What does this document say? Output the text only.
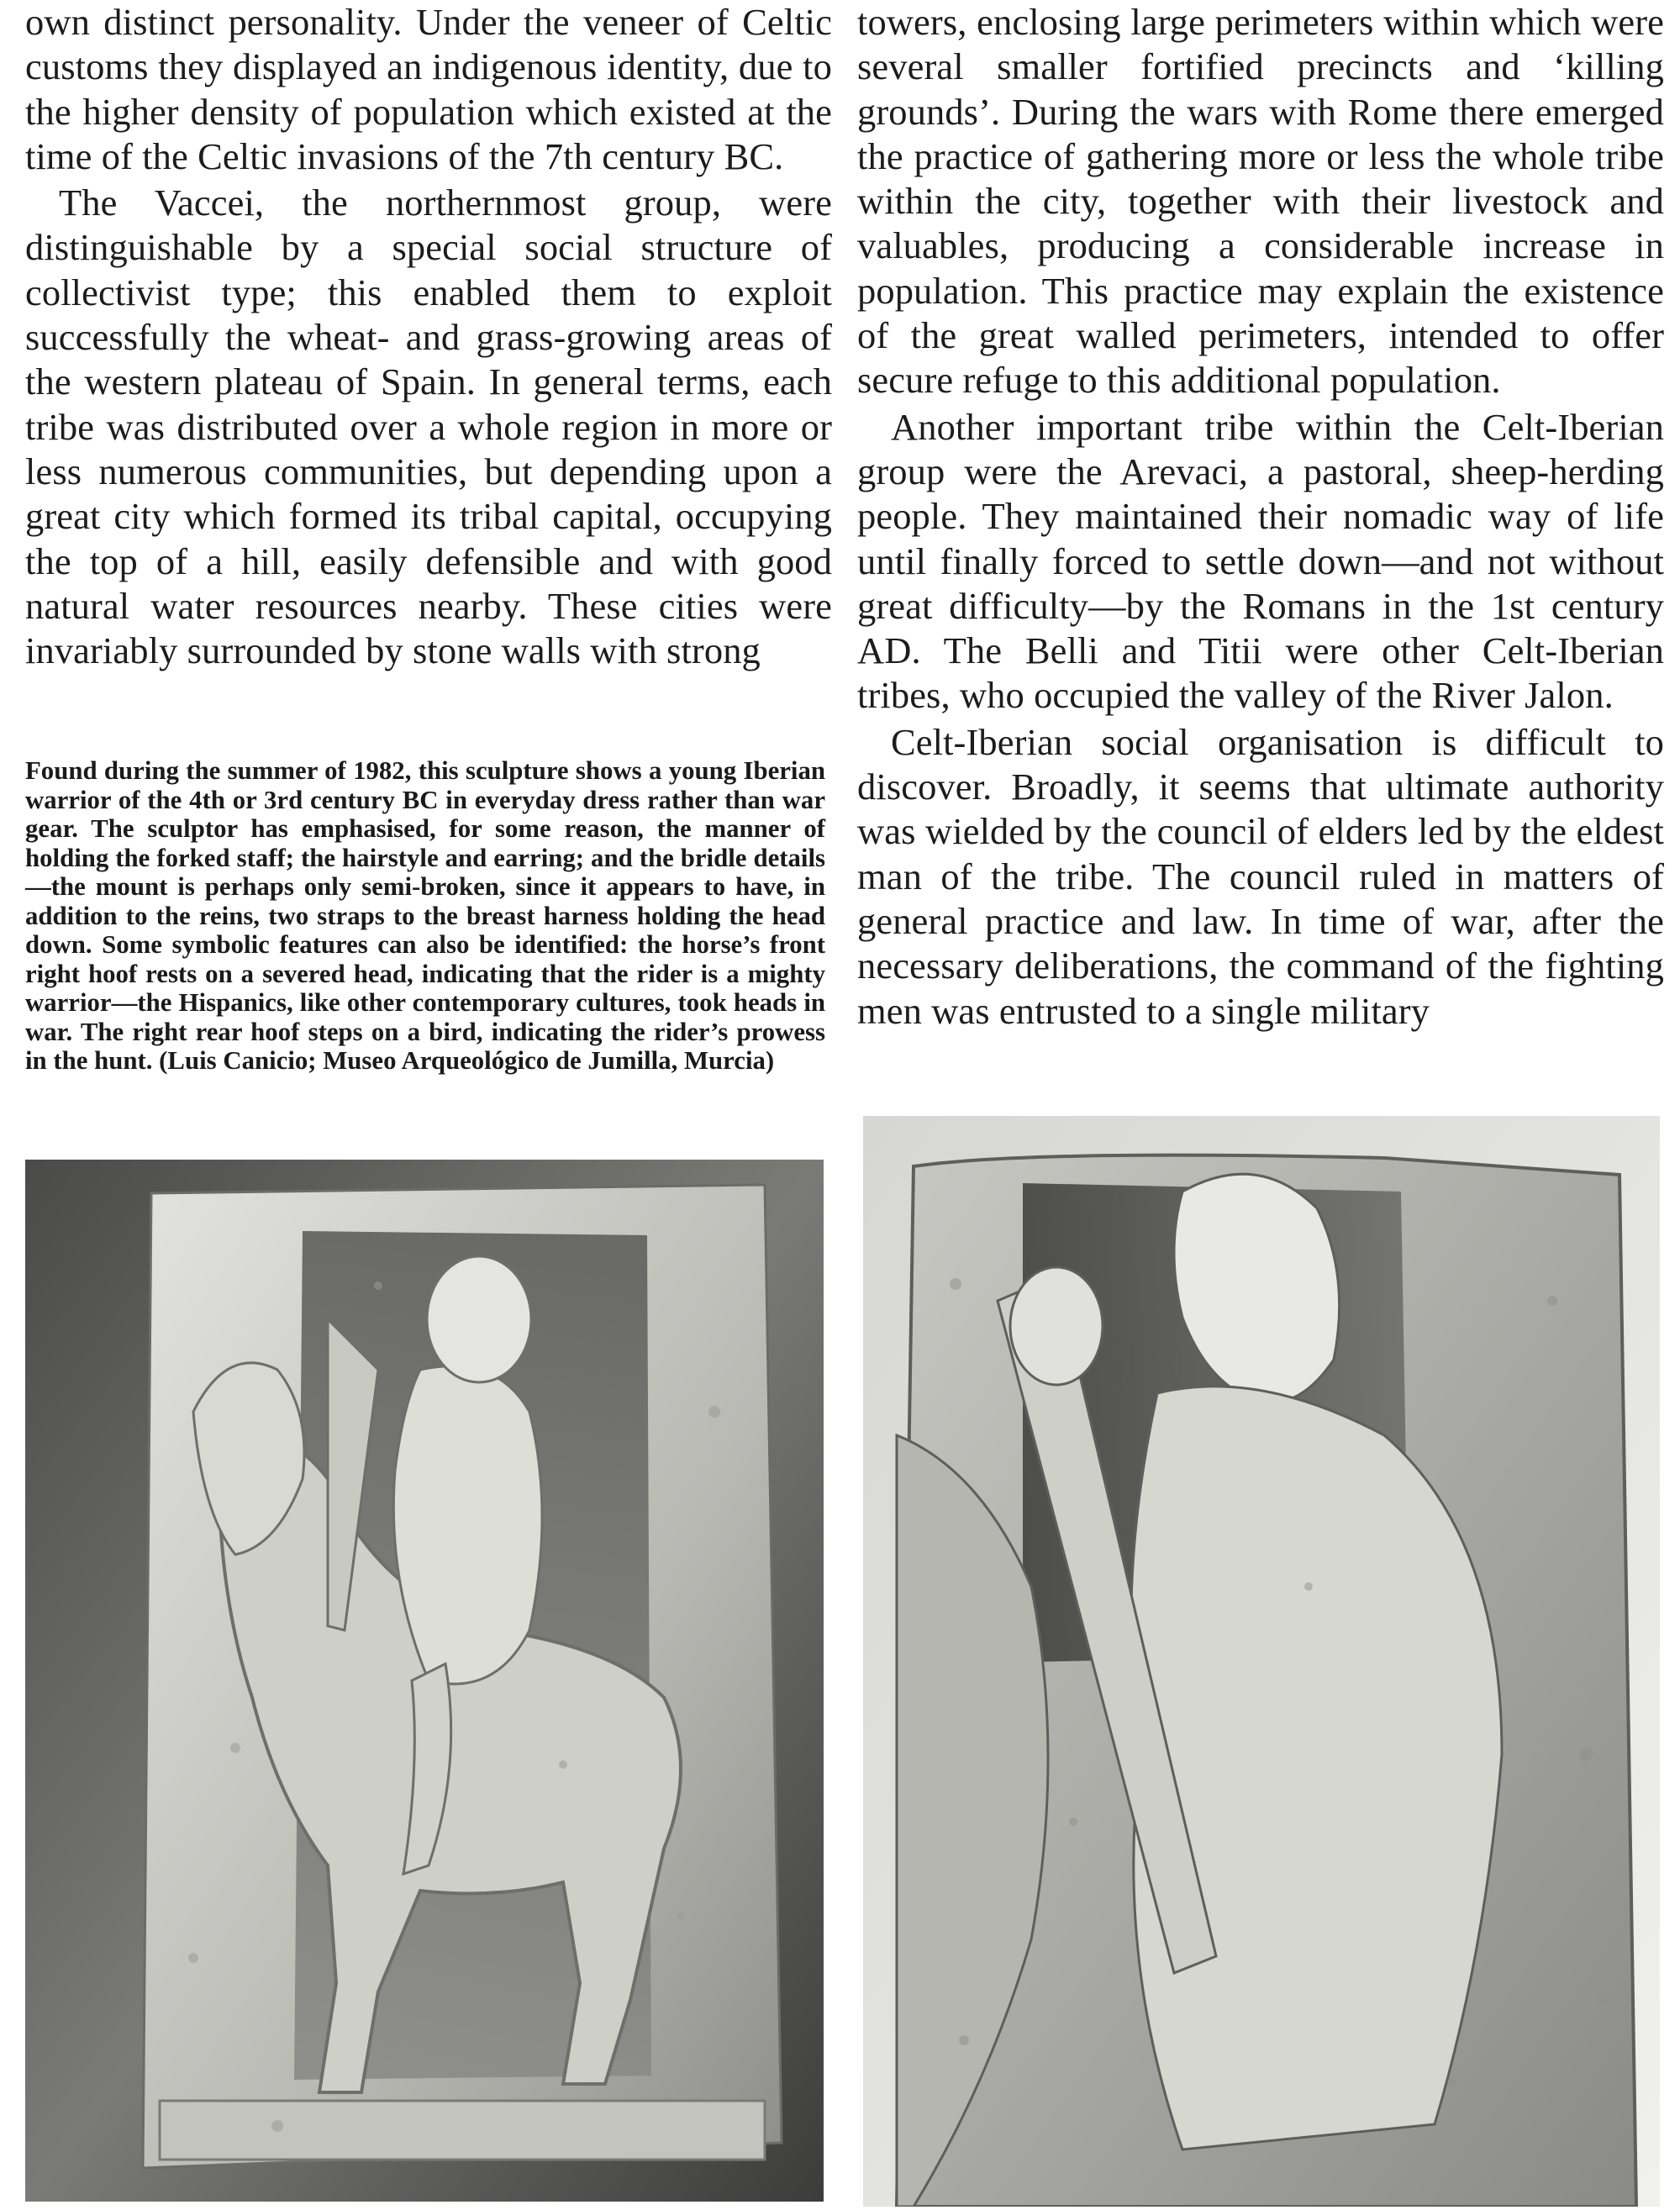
own distinct personality. Under the veneer of Celtic customs they displayed an indigenous identity, due to the higher density of population which existed at the time of the Celtic invasions of the 7th century BC.

The Vaccei, the northernmost group, were distinguishable by a special social structure of collectivist type; this enabled them to exploit successfully the wheat- and grass-growing areas of the western plateau of Spain. In general terms, each tribe was distributed over a whole region in more or less numerous communities, but depending upon a great city which formed its tribal capital, occupying the top of a hill, easily defensible and with good natural water resources nearby. These cities were invariably surrounded by stone walls with strong

towers, enclosing large perimeters within which were several smaller fortified precincts and ‘killing grounds’. During the wars with Rome there emerged the practice of gathering more or less the whole tribe within the city, together with their livestock and valuables, producing a considerable increase in population. This practice may explain the existence of the great walled perimeters, intended to offer secure refuge to this additional population.

Another important tribe within the Celt-Iberian group were the Arevaci, a pastoral, sheep-herding people. They maintained their nomadic way of life until finally forced to settle down—and not without great difficulty—by the Romans in the 1st century AD. The Belli and Titii were other Celt-Iberian tribes, who occupied the valley of the River Jalon.

Celt-Iberian social organisation is difficult to discover. Broadly, it seems that ultimate authority was wielded by the council of elders led by the eldest man of the tribe. The council ruled in matters of general practice and law. In time of war, after the necessary deliberations, the command of the fighting men was entrusted to a single military

Found during the summer of 1982, this sculpture shows a young Iberian warrior of the 4th or 3rd century BC in everyday dress rather than war gear. The sculptor has emphasised, for some reason, the manner of holding the forked staff; the hairstyle and earring; and the bridle details—the mount is perhaps only semi-broken, since it appears to have, in addition to the reins, two straps to the breast harness holding the head down. Some symbolic features can also be identified: the horse’s front right hoof rests on a severed head, indicating that the rider is a mighty warrior—the Hispanics, like other contemporary cultures, took heads in war. The right rear hoof steps on a bird, indicating the rider’s prowess in the hunt. (Luis Canicio; Museo Arqueológico de Jumilla, Murcia)
